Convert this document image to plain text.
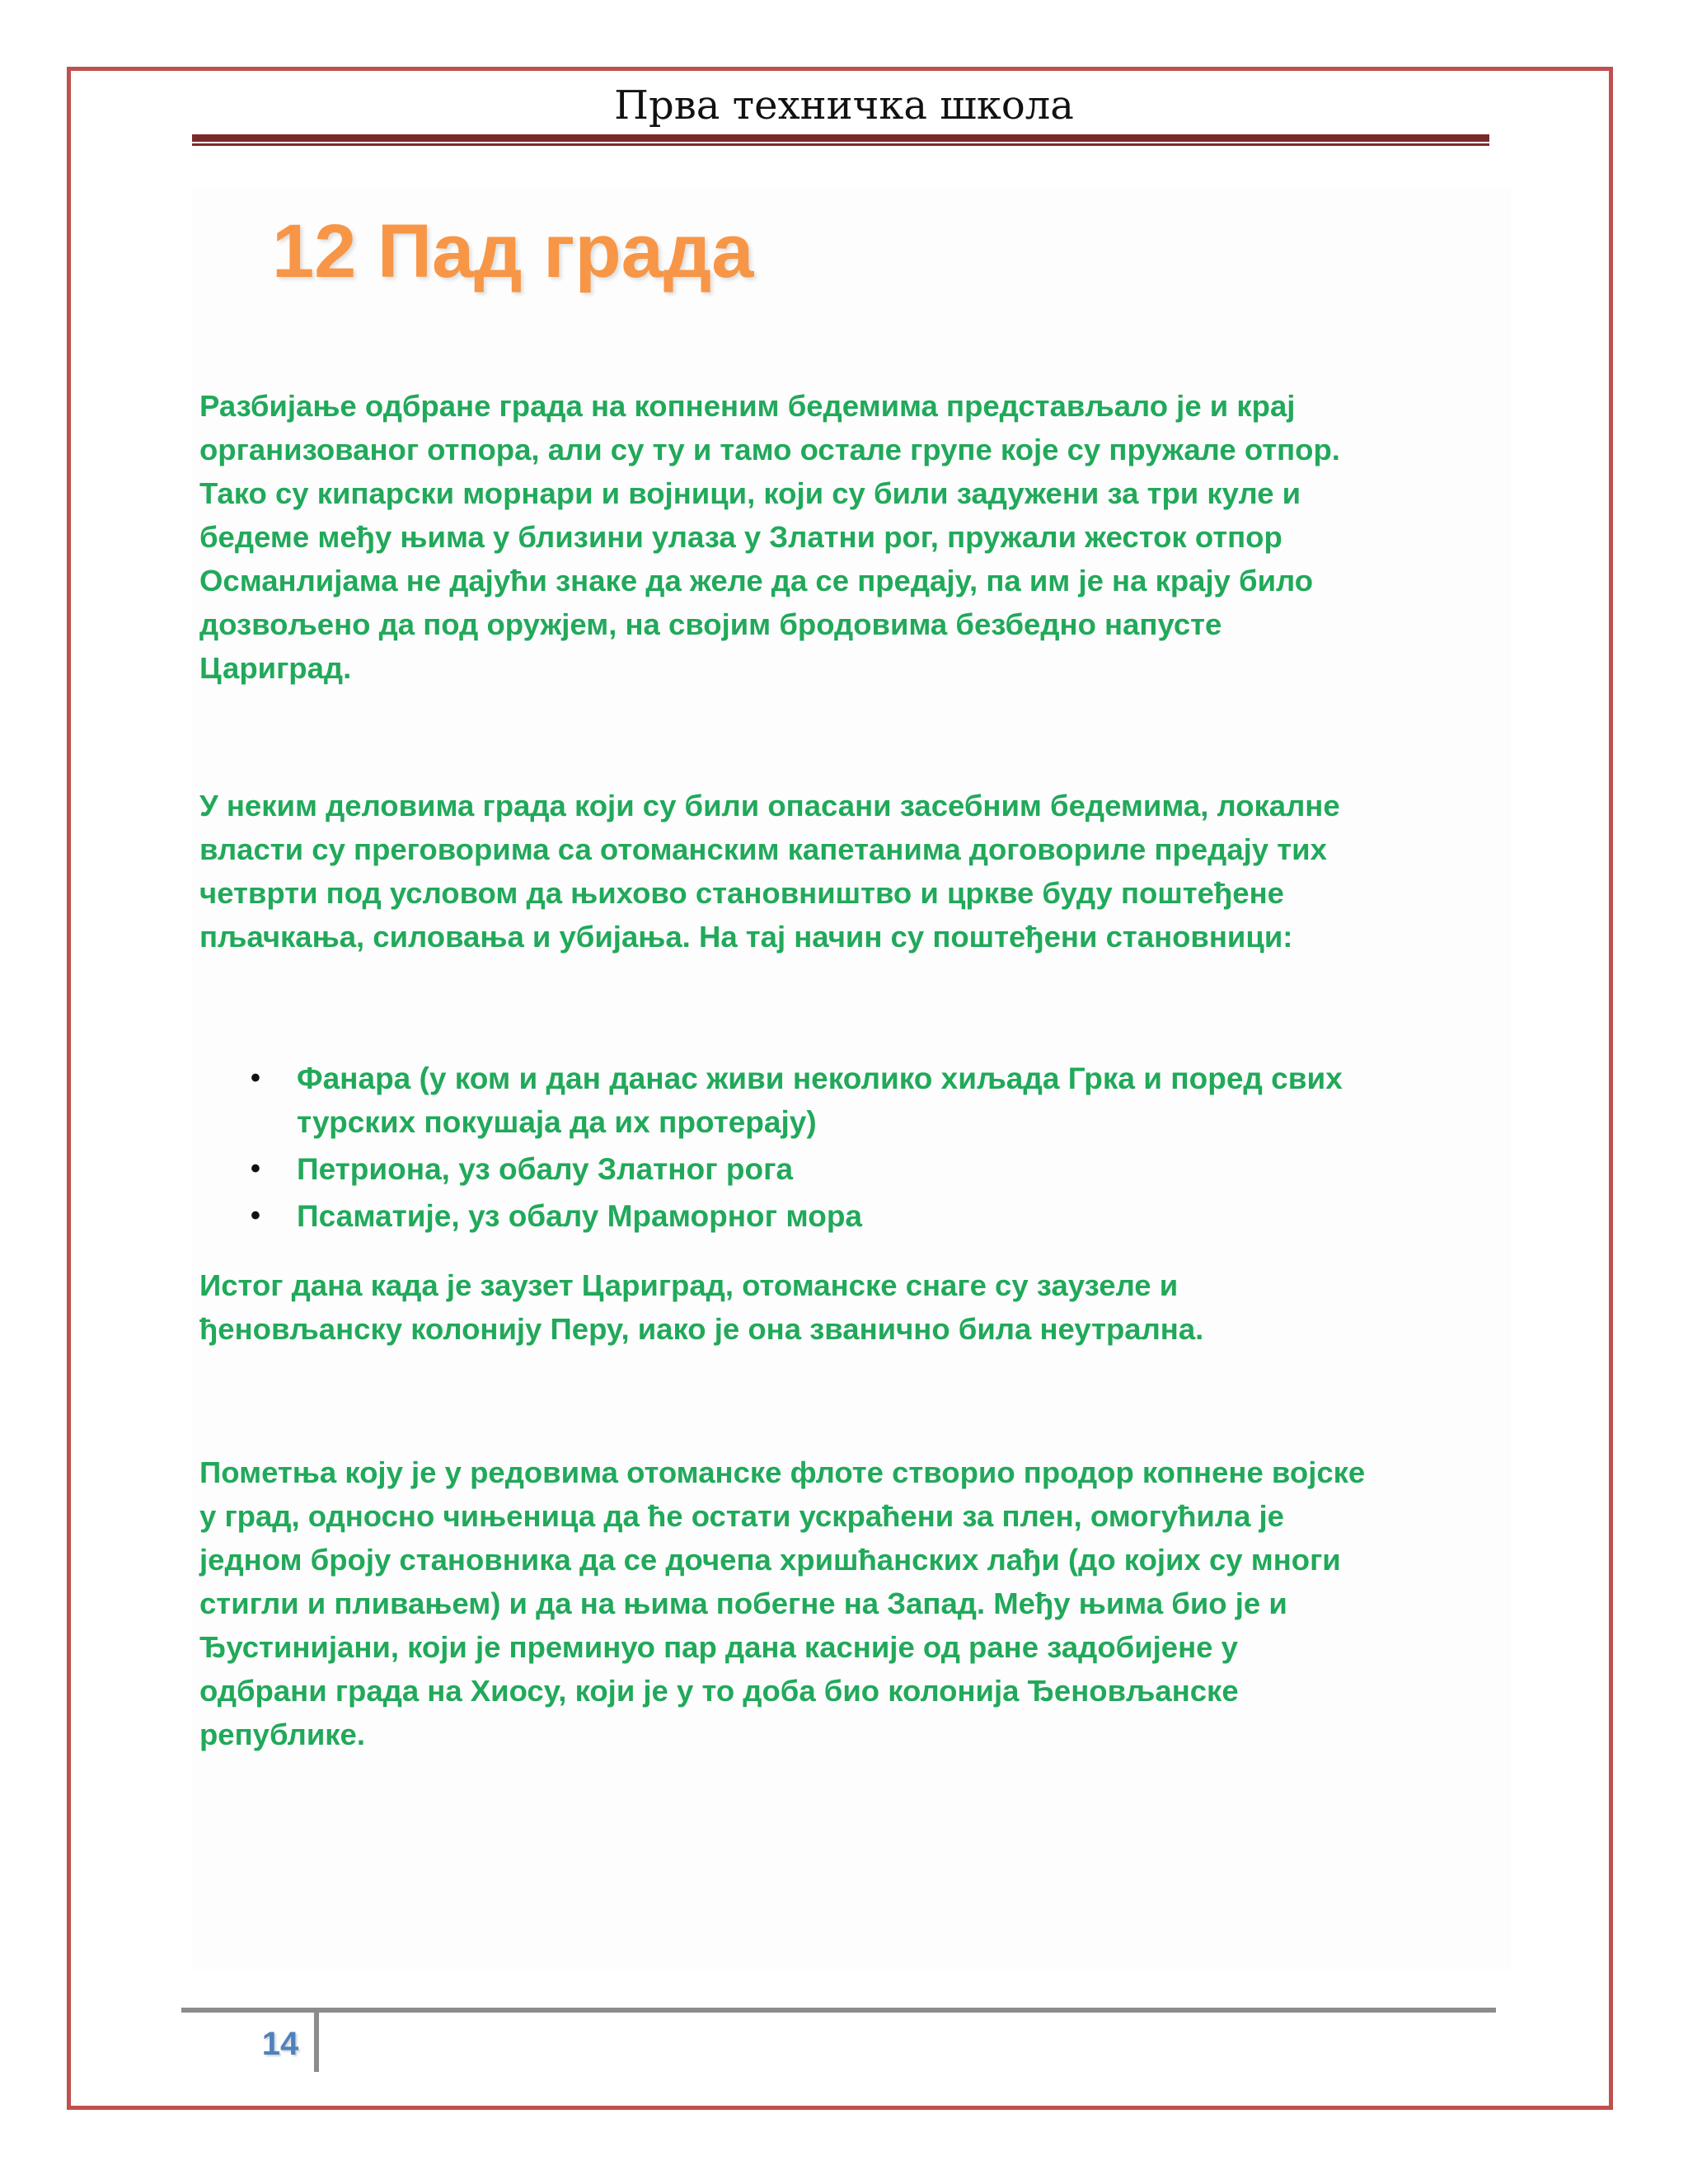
Прва техничка школа
12 Пад града

Разбијање одбране града на копненим бедемима представљало је и крај
организованог отпора, али су ту и тамо остале групе које су пружале отпор.
Тако су кипарски морнари и војници, који су били задужени за три куле и
бедеме међу њима у близини улаза у Златни рог, пружали жесток отпор
Османлијама не дајући знаке да желе да се предају, па им је на крају било
дозвољено да под оружјем, на својим бродовима безбедно напусте
Цариград.

У неким деловима града који су били опасани засебним бедемима, локалне
власти су преговорима са отоманским капетанима договориле предају тих
четврти под условом да њихово становништво и цркве буду поштеђене
пљачкања, силовања и убијања. На тај начин су поштеђени становници:

• Фанара (у ком и дан данас живи неколико хиљада Грка и поред свих
турских покушаја да их протерају)
• Петриона, уз обалу Златног рога
• Псаматије, уз обалу Мраморног мора

Истог дана када је заузет Цариград, отоманске снаге су заузеле и
ђеновљанску колонију Перу, иако је она званично била неутрална.

Пометња коју је у редовима отоманске флоте створио продор копнене војске
у град, односно чињеница да ће остати ускраћени за плен, омогућила је
једном броју становника да се дочепа хришћанских лађи (до којих су многи
стигли и пливањем) и да на њима побегне на Запад. Међу њима био је и
Ђустинијани, који је преминуо пар дана касније од ране задобијене у
одбрани града на Хиосу, који је у то доба био колонија Ђеновљанске
републике.

14
